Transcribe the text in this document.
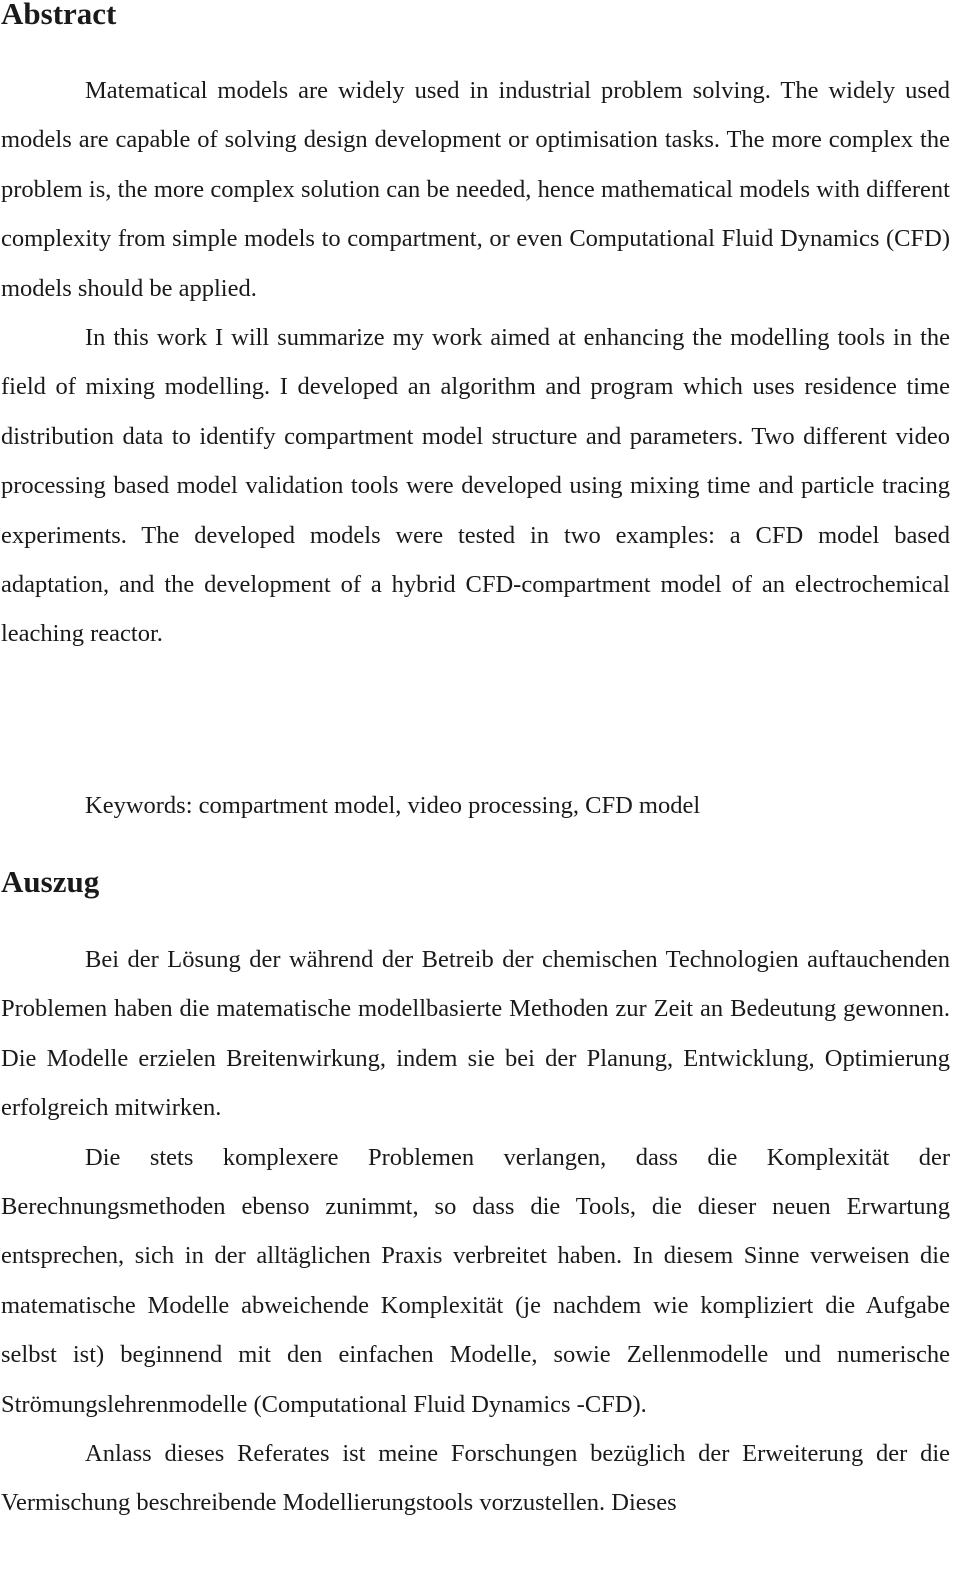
Abstract

Matematical models are widely used in industrial problem solving. The widely used models are capable of solving design development or optimisation tasks. The more complex the problem is, the more complex solution can be needed, hence mathematical models with different complexity from simple models to compartment, or even Computational Fluid Dynamics (CFD) models should be applied.

In this work I will summarize my work aimed at enhancing the modelling tools in the field of mixing modelling. I developed an algorithm and program which uses residence time distribution data to identify compartment model structure and parameters. Two different video processing based model validation tools were developed using mixing time and particle tracing experiments. The developed models were tested in two examples: a CFD model based adaptation, and the development of a hybrid CFD-compartment model of an electrochemical leaching reactor.

Keywords: compartment model, video processing, CFD model

Auszug

Bei der Lösung der während der Betreib der chemischen Technologien auftauchenden Problemen haben die matematische modellbasierte Methoden zur Zeit an Bedeutung gewonnen. Die Modelle erzielen Breitenwirkung, indem sie bei der Planung, Entwicklung, Optimierung erfolgreich mitwirken.

Die stets komplexere Problemen verlangen, dass die Komplexität der Berechnungsmethoden ebenso zunimmt, so dass die Tools, die dieser neuen Erwartung entsprechen, sich in der alltäglichen Praxis verbreitet haben. In diesem Sinne verweisen die matematische Modelle abweichende Komplexität (je nachdem wie kompliziert die Aufgabe selbst ist) beginnend mit den einfachen Modelle, sowie Zellenmodelle und numerische Strömungslehrenmodelle (Computational Fluid Dynamics -CFD).

Anlass dieses Referates ist meine Forschungen bezüglich der Erweiterung der die Vermischung beschreibende Modellierungstools vorzustellen. Dieses
